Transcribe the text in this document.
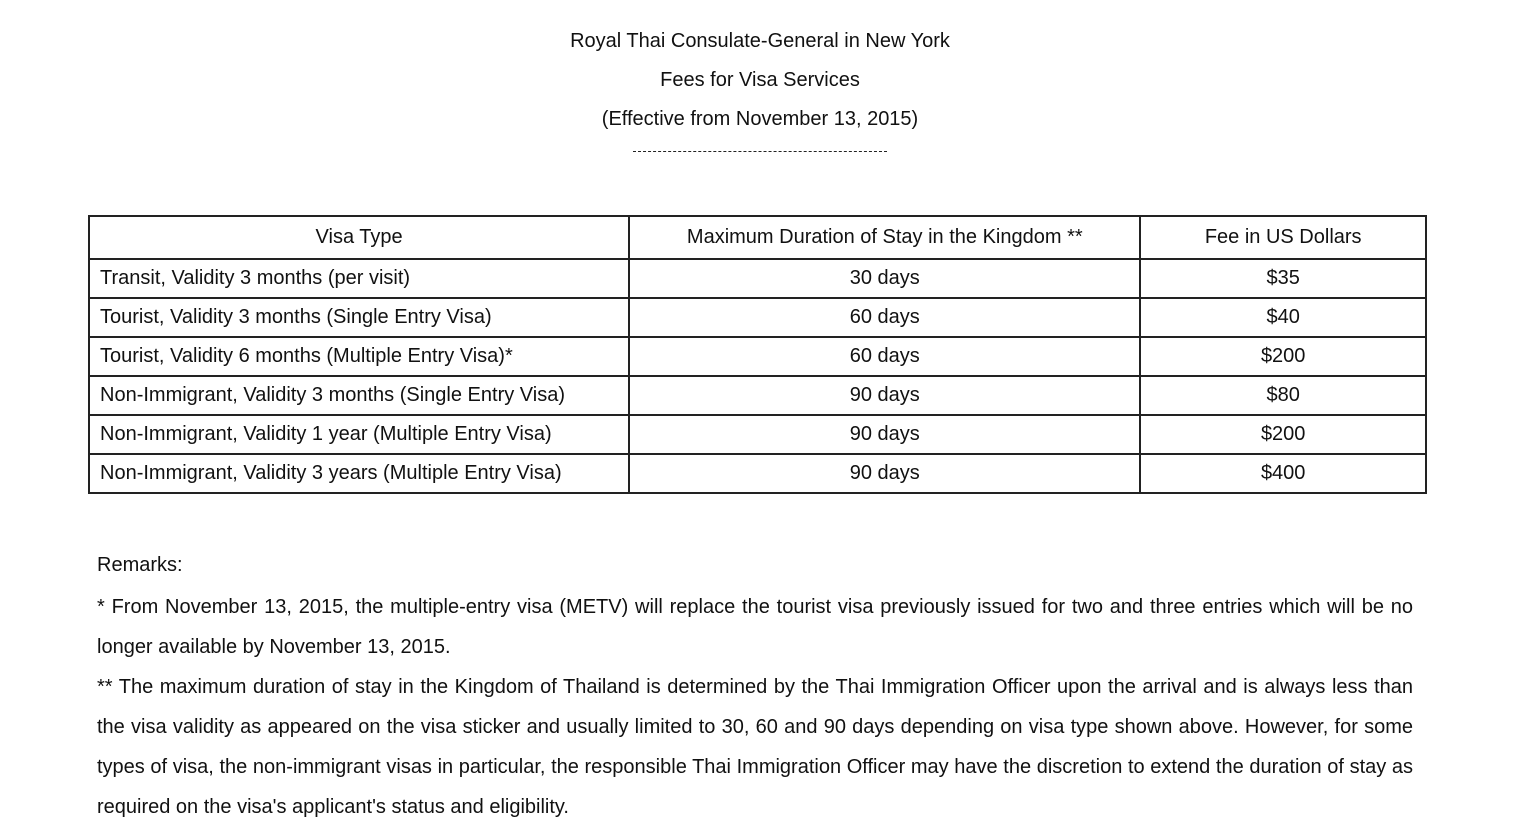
Royal Thai Consulate-General in New York
Fees for Visa Services
(Effective from November 13, 2015)
Visa Type	Maximum Duration of Stay in the Kingdom **	Fee in US Dollars
Transit, Validity 3 months (per visit)	30 days	$35
Tourist, Validity 3 months (Single Entry Visa)	60 days	$40
Tourist, Validity 6 months (Multiple Entry Visa)*	60 days	$200
Non-Immigrant, Validity 3 months (Single Entry Visa)	90 days	$80
Non-Immigrant, Validity 1 year (Multiple Entry Visa)	90 days	$200
Non-Immigrant, Validity 3 years (Multiple Entry Visa)	90 days	$400

Remarks:

* From November 13, 2015, the multiple-entry visa (METV) will replace the tourist visa previously issued for two and three entries which will be no longer available by November 13, 2015.

** The maximum duration of stay in the Kingdom of Thailand is determined by the Thai Immigration Officer upon the arrival and is always less than the visa validity as appeared on the visa sticker and usually limited to 30, 60 and 90 days depending on visa type shown above. However, for some types of visa, the non-immigrant visas in particular, the responsible Thai Immigration Officer may have the discretion to extend the duration of stay as required on the visa's applicant's status and eligibility.
